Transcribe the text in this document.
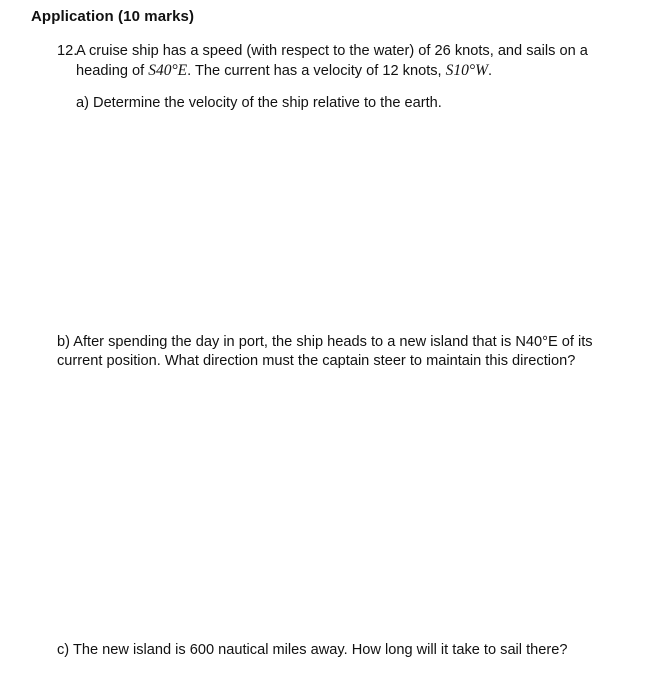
Application (10 marks)
12.
A cruise ship has a speed (with respect to the water) of 26 knots, and sails on a heading of S40°E. The current has a velocity of 12 knots, S10°W.
a) Determine the velocity of the ship relative to the earth.
b) After spending the day in port, the ship heads to a new island that is N40°E of its current position. What direction must the captain steer to maintain this direction?
c) The new island is 600 nautical miles away. How long will it take to sail there?
